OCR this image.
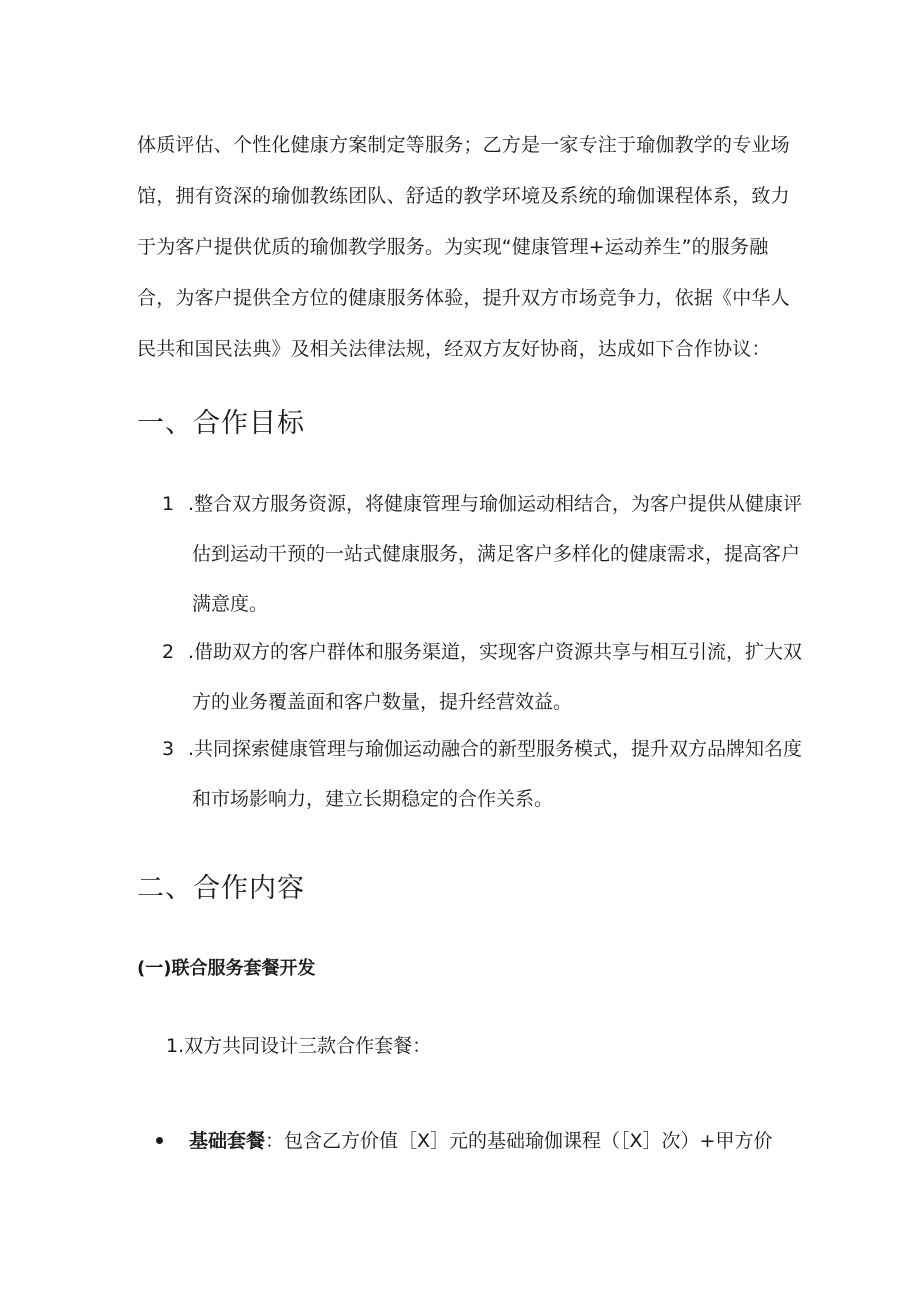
体质评估、个性化健康方案制定等服务；乙方是一家专注于瑜伽教学的专业场
馆，拥有资深的瑜伽教练团队、舒适的教学环境及系统的瑜伽课程体系，致力
于为客户提供优质的瑜伽教学服务。为实现“健康管理+运动养生”的服务融
合，为客户提供全方位的健康服务体验，提升双方市场竞争力，依据《中华人
民共和国民法典》及相关法律法规，经双方友好协商，达成如下合作协议：

一、合作目标
1 .整合双方服务资源，将健康管理与瑜伽运动相结合，为客户提供从健康评
估到运动干预的一站式健康服务，满足客户多样化的健康需求，提高客户
满意度。
2 .借助双方的客户群体和服务渠道，实现客户资源共享与相互引流，扩大双
方的业务覆盖面和客户数量，提升经营效益。
3 .共同探索健康管理与瑜伽运动融合的新型服务模式，提升双方品牌知名度
和市场影响力，建立长期稳定的合作关系。
二、合作内容
(一)联合服务套餐开发
1.双方共同设计三款合作套餐：
基础套餐：包含乙方价值［X］元的基础瑜伽课程（［X］次）+甲方价
